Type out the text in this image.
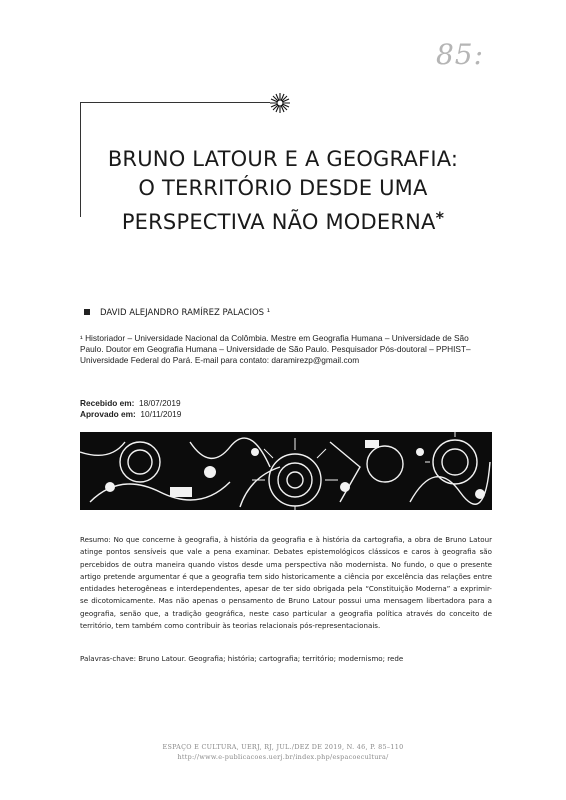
85:
BRUNO LATOUR E A GEOGRAFIA:
O TERRITÓRIO DESDE UMA
PERSPECTIVA NÃO MODERNA*
DAVID ALEJANDRO RAMÍREZ PALACIOS ¹
¹ Historiador – Universidade Nacional da Colômbia. Mestre em Geografia Humana – Universidade de São Paulo. Doutor em Geografia Humana – Universidade de São Paulo. Pesquisador Pós-doutoral – PPHIST–Universidade Federal do Pará. E-mail para contato: daramirezp@gmail.com
Recebido em: 18/07/2019
Aprovado em: 10/11/2019
Resumo: No que concerne à geografia, à história da geografia e à história da cartografia, a obra de Bruno Latour atinge pontos sensíveis que vale a pena examinar. Debates epistemológicos clássicos e caros à geografia são percebidos de outra maneira quando vistos desde uma perspectiva não modernista. No fundo, o que o presente artigo pretende argumentar é que a geografia tem sido historicamente a ciência por excelência das relações entre entidades heterogêneas e interdependentes, apesar de ter sido obrigada pela “Constituição Moderna” a exprimir-se dicotomicamente. Mas não apenas o pensamento de Bruno Latour possui uma mensagem libertadora para a geografia, senão que, a tradição geográfica, neste caso particular a geografia política através do conceito de território, tem também como contribuir às teorias relacionais pós-representacionais.
Palavras-chave: Bruno Latour. Geografia; história; cartografia; território; modernismo; rede
ESPAÇO E CULTURA, UERJ, RJ, JUL./DEZ DE 2019, N. 46, P. 85–110
http://www.e-publicacoes.uerj.br/index.php/espacoecultura/
